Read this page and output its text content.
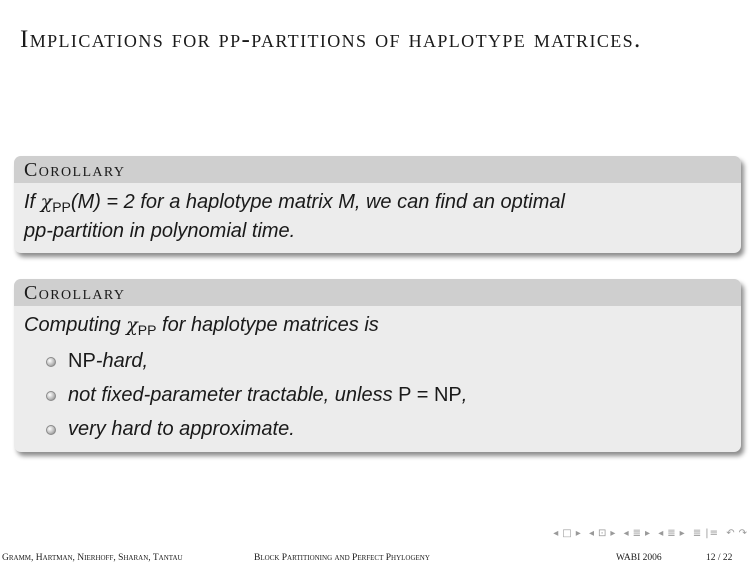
Implications for pp-partitions of haplotype matrices.
Corollary
If $\chi_{PP}(M) = 2$ for a haplotype matrix M, we can find an optimal
pp-partition in polynomial time.
Corollary
Computing $\chi_{PP}$ for haplotype matrices is
NP-hard,
not fixed-parameter tractable, unless P = NP,
very hard to approximate.
◂ □ ▸ ◂ ⊡ ▸ ◂ ≣ ▸ ◂ ≣ ▸ ≣ |≡ ↶ ↷
Gramm, Hartman, Nierhoff, Sharan, Tantau	Block Partitioning and Perfect Phylogeny	WABI 2006	12 / 22
